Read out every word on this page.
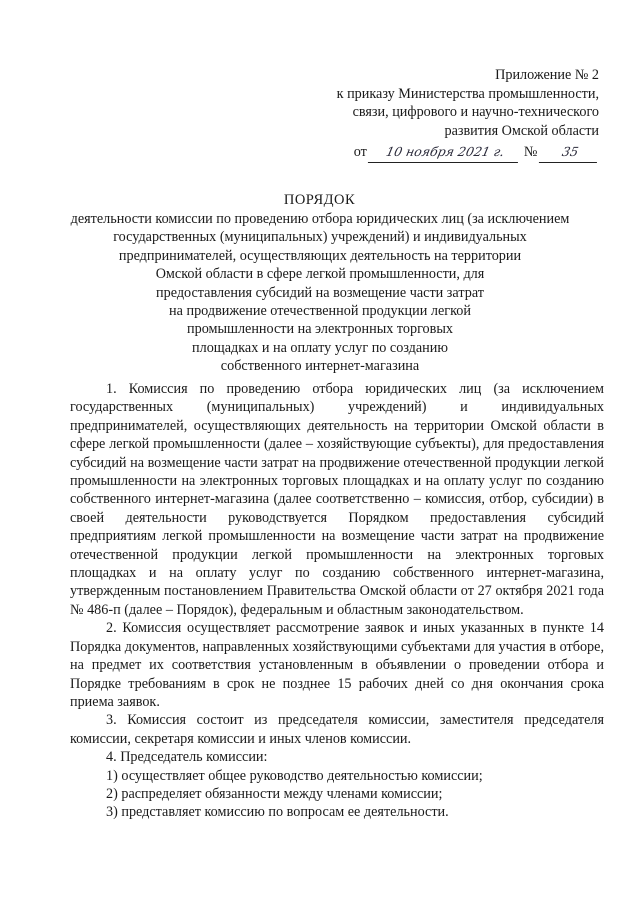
Приложение № 2
к приказу Министерства промышленности,
связи, цифрового и научно-технического
развития Омской области
от 10 ноября 2021 г. № 35
ПОРЯДОК
деятельности комиссии по проведению отбора юридических лиц (за исключением
государственных (муниципальных) учреждений) и индивидуальных
предпринимателей, осуществляющих деятельность на территории
Омской области в сфере легкой промышленности, для
предоставления субсидий на возмещение части затрат
на продвижение отечественной продукции легкой
промышленности на электронных торговых
площадках и на оплату услуг по созданию
собственного интернет-магазина

1. Комиссия по проведению отбора юридических лиц (за исключением государственных (муниципальных) учреждений) и индивидуальных предпринимателей, осуществляющих деятельность на территории Омской области в сфере легкой промышленности (далее – хозяйствующие субъекты), для предоставления субсидий на возмещение части затрат на продвижение отечественной продукции легкой промышленности на электронных торговых площадках и на оплату услуг по созданию собственного интернет-магазина (далее соответственно – комиссия, отбор, субсидии) в своей деятельности руководствуется Порядком предоставления субсидий предприятиям легкой промышленности на возмещение части затрат на продвижение отечественной продукции легкой промышленности на электронных торговых площадках и на оплату услуг по созданию собственного интернет-магазина, утвержденным постановлением Правительства Омской области от 27 октября 2021 года № 486-п (далее – Порядок), федеральным и областным законодательством.

2. Комиссия осуществляет рассмотрение заявок и иных указанных в пункте 14 Порядка документов, направленных хозяйствующими субъектами для участия в отборе, на предмет их соответствия установленным в объявлении о проведении отбора и Порядке требованиям в срок не позднее 15 рабочих дней со дня окончания срока приема заявок.

3. Комиссия состоит из председателя комиссии, заместителя председателя комиссии, секретаря комиссии и иных членов комиссии.

4. Председатель комиссии:

1) осуществляет общее руководство деятельностью комиссии;

2) распределяет обязанности между членами комиссии;

3) представляет комиссию по вопросам ее деятельности.
